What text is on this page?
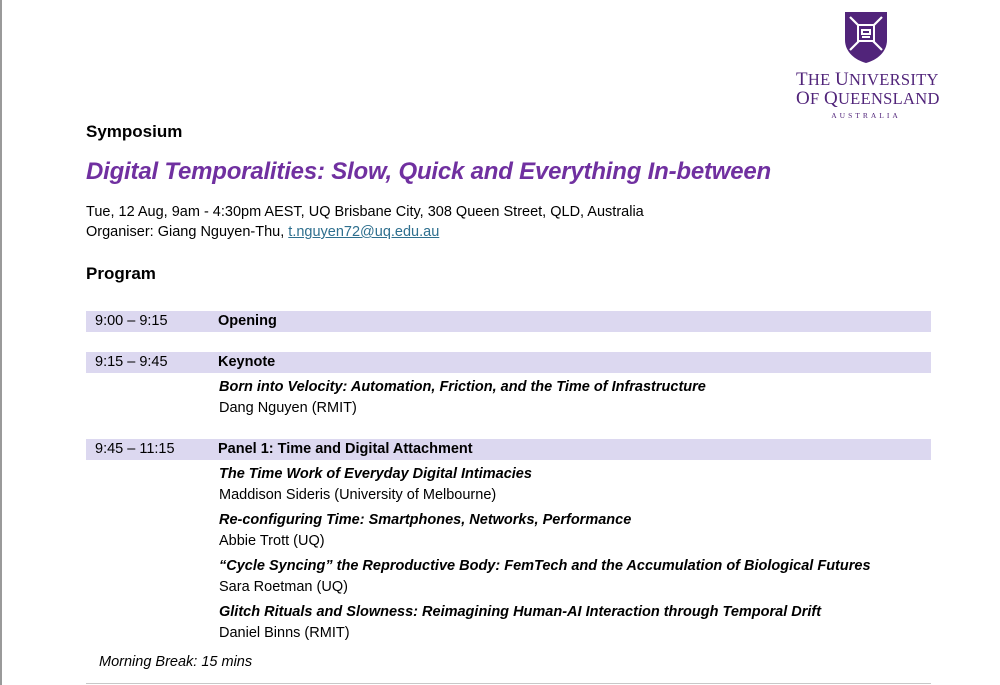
THE UNIVERSITY
OF QUEENSLAND
AUSTRALIA
Symposium
Digital Temporalities: Slow, Quick and Everything In-between
Tue, 12 Aug, 9am - 4:30pm AEST, UQ Brisbane City, 308 Queen Street, QLD, Australia
Organiser: Giang Nguyen-Thu, t.nguyen72@uq.edu.au
Program
9:00 – 9:15	Opening
9:15 – 9:45	Keynote
Born into Velocity: Automation, Friction, and the Time of Infrastructure
Dang Nguyen (RMIT)
9:45 – 11:15	Panel 1: Time and Digital Attachment
The Time Work of Everyday Digital Intimacies
Maddison Sideris (University of Melbourne)
Re-configuring Time: Smartphones, Networks, Performance
Abbie Trott (UQ)
“Cycle Syncing” the Reproductive Body: FemTech and the Accumulation of Biological Futures
Sara Roetman (UQ)
Glitch Rituals and Slowness: Reimagining Human-AI Interaction through Temporal Drift
Daniel Binns (RMIT)
Morning Break: 15 mins
